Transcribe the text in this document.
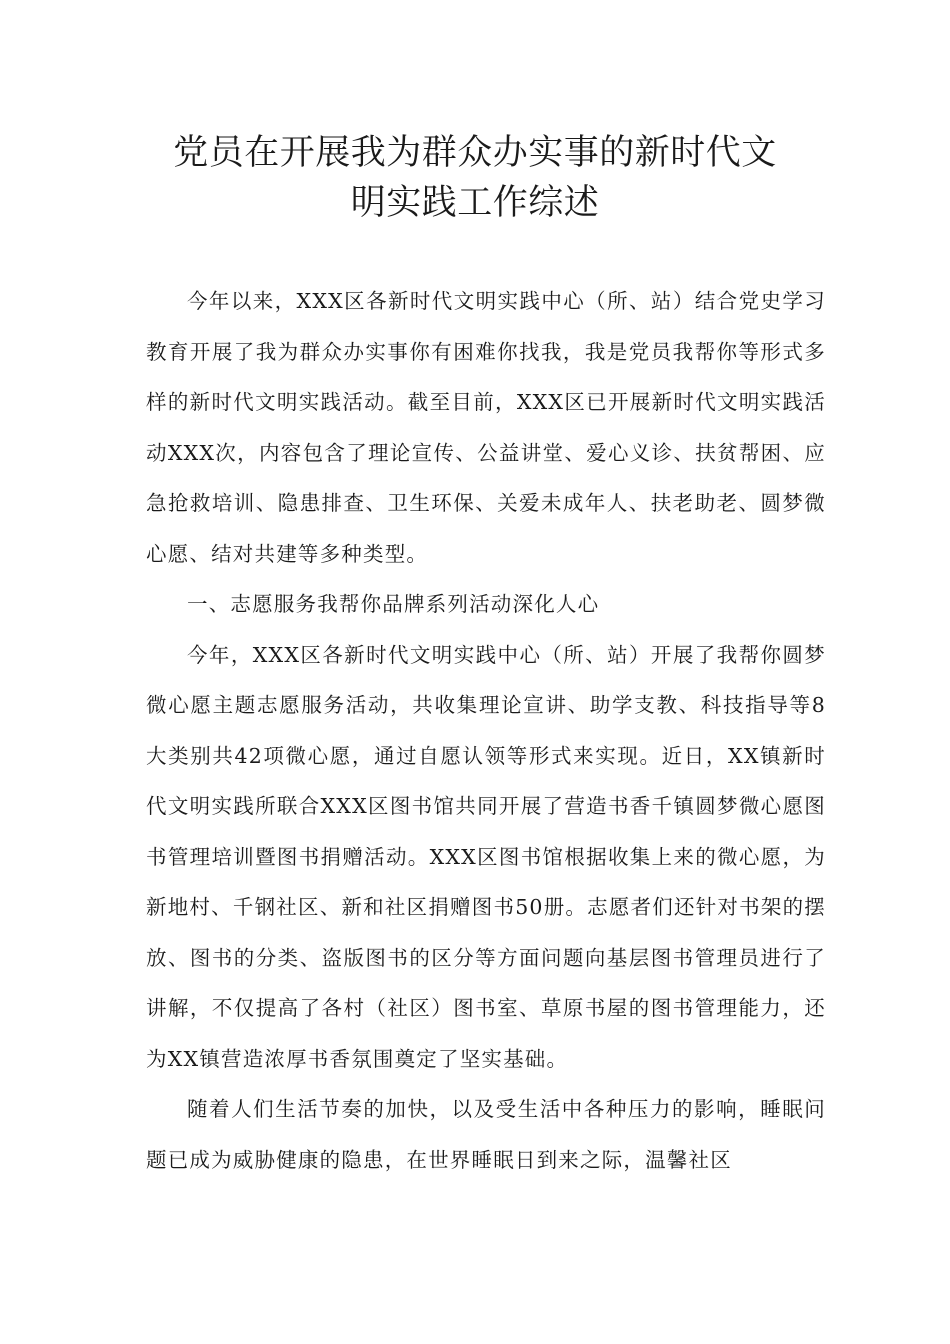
党员在开展我为群众办实事的新时代文
明实践工作综述

今年以来，XXX区各新时代文明实践中心（所、站）结合党史学习教育开展了我为群众办实事你有困难你找我，我是党员我帮你等形式多样的新时代文明实践活动。截至目前，XXX区已开展新时代文明实践活动XXX次，内容包含了理论宣传、公益讲堂、爱心义诊、扶贫帮困、应急抢救培训、隐患排查、卫生环保、关爱未成年人、扶老助老、圆梦微心愿、结对共建等多种类型。

一、志愿服务我帮你品牌系列活动深化人心

今年，XXX区各新时代文明实践中心（所、站）开展了我帮你圆梦微心愿主题志愿服务活动，共收集理论宣讲、助学支教、科技指导等8大类别共42项微心愿，通过自愿认领等形式来实现。近日，XX镇新时代文明实践所联合XXX区图书馆共同开展了营造书香千镇圆梦微心愿图书管理培训暨图书捐赠活动。XXX区图书馆根据收集上来的微心愿，为新地村、千钢社区、新和社区捐赠图书50册。志愿者们还针对书架的摆放、图书的分类、盗版图书的区分等方面问题向基层图书管理员进行了讲解，不仅提高了各村（社区）图书室、草原书屋的图书管理能力，还为XX镇营造浓厚书香氛围奠定了坚实基础。

随着人们生活节奏的加快，以及受生活中各种压力的影响，睡眠问题已成为威胁健康的隐患，在世界睡眠日到来之际，温馨社区
